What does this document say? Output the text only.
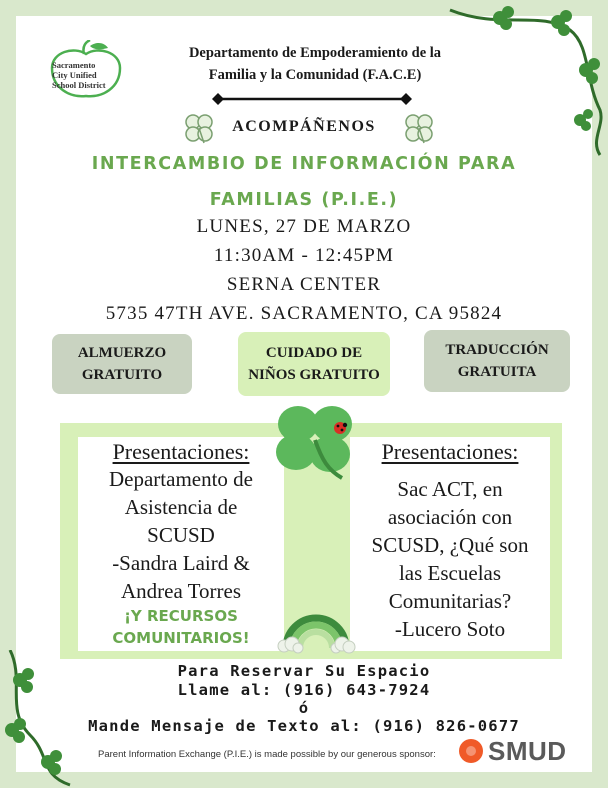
Sacramento
City Unified
School District
Departamento de Empoderamiento de la
Familia y la Comunidad (F.A.C.E)
ACOMPÁÑENOS
INTERCAMBIO DE INFORMACIÓN PARA
FAMILIAS (P.I.E.)
LUNES, 27 DE MARZO
11:30AM - 12:45PM
SERNA CENTER
5735 47TH AVE. SACRAMENTO, CA 95824
ALMUERZO
GRATUITO
CUIDADO DE
NIÑOS GRATUITO
TRADUCCIÓN
GRATUITA
Presentaciones:
Departamento de
Asistencia de
SCUSD
-Sandra Laird &
Andrea Torres
¡Y RECURSOS
COMUNITARIOS!
Presentaciones:
Sac ACT, en
asociación con
SCUSD, ¿Qué son
las Escuelas
Comunitarias?
-Lucero Soto
Para Reservar Su Espacio
Llame al: (916) 643-7924
ó
Mande Mensaje de Texto al: (916) 826-0677
Parent Information Exchange (P.I.E.) is made possible by our generous sponsor:	SMUD
